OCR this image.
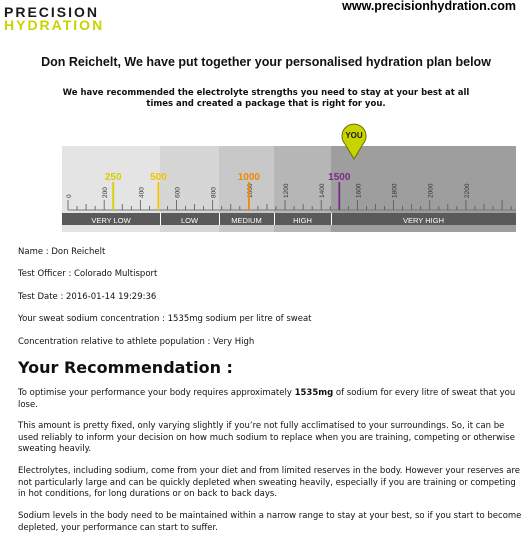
PRECISION
HYDRATION
www.precisionhydration.com
Don Reichelt, We have put together your personalised hydration plan below
We have recommended the electrolyte strengths you need to stay at your best at all times and created a package that is right for you.
0	200	400	600	800	1000	1200	1400	1600	1800	2000	2200
250	500	1000	1500
VERY LOW	LOW	MEDIUM	HIGH	VERY HIGH
YOU
Name : Don Reichelt
Test Officer : Colorado Multisport
Test Date : 2016-01-14 19:29:36
Your sweat sodium concentration : 1535mg sodium per litre of sweat
Concentration relative to athlete population : Very High
Your Recommendation :
To optimise your performance your body requires approximately 1535mg of sodium for every litre of sweat that you lose.
This amount is pretty fixed, only varying slightly if you’re not fully acclimatised to your surroundings. So, it can be used reliably to inform your decision on how much sodium to replace when you are training, competing or otherwise sweating heavily.
Electrolytes, including sodium, come from your diet and from limited reserves in the body. However your reserves are not particularly large and can be quickly depleted when sweating heavily, especially if you are training or competing in hot conditions, for long durations or on back to back days.
Sodium levels in the body need to be maintained within a narrow range to stay at your best, so if you start to become depleted, your performance can start to suffer.
